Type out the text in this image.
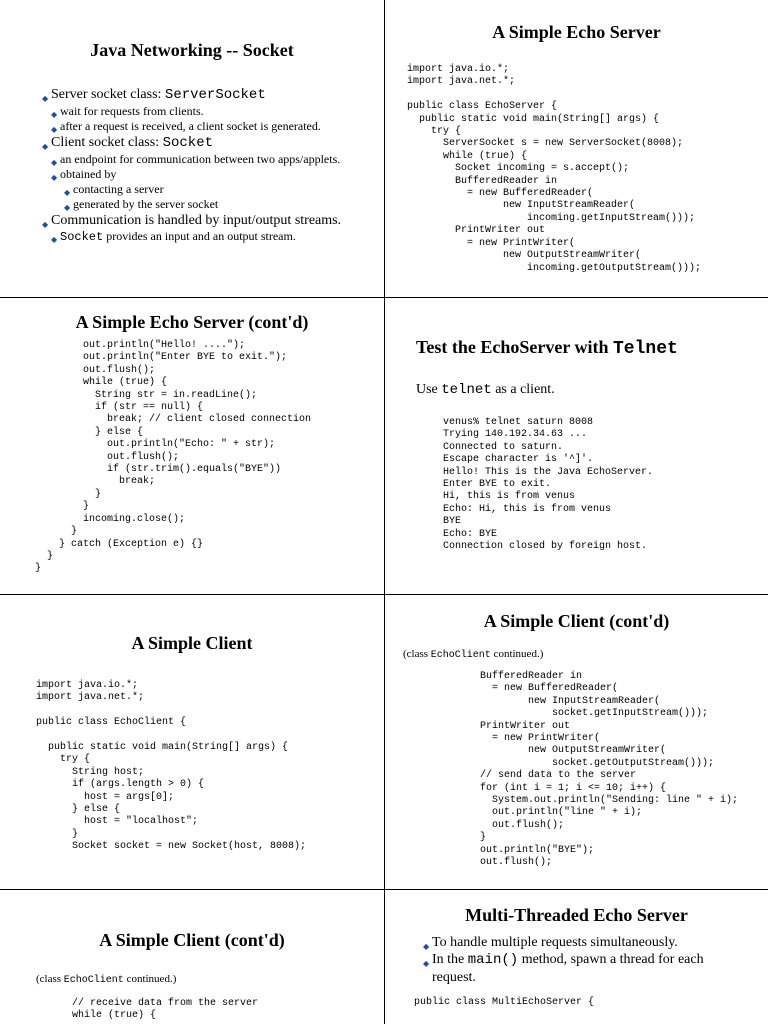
Java Networking -- Socket
◆ Server socket class: ServerSocket
◆ wait for requests from clients.
◆ after a request is received, a client socket is generated.
◆ Client socket class: Socket
◆ an endpoint for communication between two apps/applets.
◆ obtained by
◆ contacting a server
◆ generated by the server socket
◆ Communication is handled by input/output streams.
◆ Socket provides an input and an output stream.
A Simple Echo Server
import java.io.*;
import java.net.*;

public class EchoServer {
public static void main(String[] args) {
try {
ServerSocket s = new ServerSocket(8008);
while (true) {
Socket incoming = s.accept();
BufferedReader in
= new BufferedReader(
new InputStreamReader(
incoming.getInputStream()));
PrintWriter out
= new PrintWriter(
new OutputStreamWriter(
incoming.getOutputStream()));
A Simple Echo Server (cont'd)
out.println("Hello! ....");
out.println("Enter BYE to exit.");
out.flush();
while (true) {
String str = in.readLine();
if (str == null) {
break; // client closed connection
} else {
out.println("Echo: " + str);
out.flush();
if (str.trim().equals("BYE"))
break;
}
}
incoming.close();
}
} catch (Exception e) {}
}
}
Test the EchoServer with Telnet
Use telnet as a client.
venus% telnet saturn 8008
Trying 140.192.34.63 ...
Connected to saturn.
Escape character is '^]'.
Hello! This is the Java EchoServer.
Enter BYE to exit.
Hi, this is from venus
Echo: Hi, this is from venus
BYE
Echo: BYE
Connection closed by foreign host.
A Simple Client
import java.io.*;
import java.net.*;

public class EchoClient {

public static void main(String[] args) {
try {
String host;
if (args.length > 0) {
host = args[0];
} else {
host = "localhost";
}
Socket socket = new Socket(host, 8008);
A Simple Client (cont'd)
(class EchoClient continued.)
BufferedReader in
= new BufferedReader(
new InputStreamReader(
socket.getInputStream()));
PrintWriter out
= new PrintWriter(
new OutputStreamWriter(
socket.getOutputStream()));
// send data to the server
for (int i = 1; i <= 10; i++) {
System.out.println("Sending: line " + i);
out.println("line " + i);
out.flush();
}
out.println("BYE");
out.flush();
A Simple Client (cont'd)
(class EchoClient continued.)
// receive data from the server
while (true) {
Multi-Threaded Echo Server
◆ To handle multiple requests simultaneously.
◆ In the main() method, spawn a thread for each
request.
public class MultiEchoServer {
